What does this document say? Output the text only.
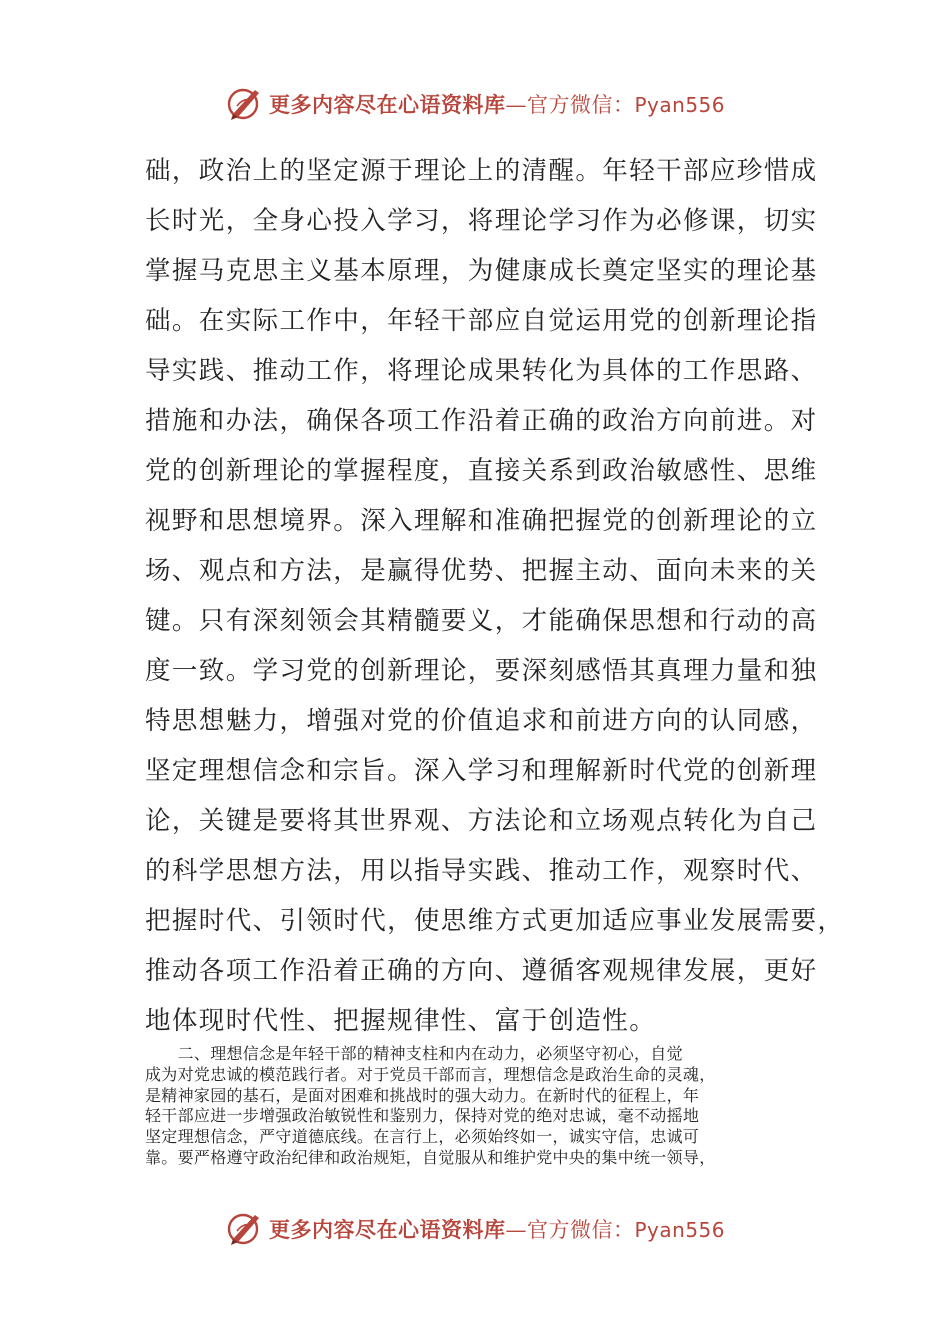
更多内容尽在心语资料库—官方微信：Pyan556
础，政治上的坚定源于理论上的清醒。年轻干部应珍惜成
长时光，全身心投入学习，将理论学习作为必修课，切实
掌握马克思主义基本原理，为健康成长奠定坚实的理论基
础。在实际工作中，年轻干部应自觉运用党的创新理论指
导实践、推动工作，将理论成果转化为具体的工作思路、
措施和办法，确保各项工作沿着正确的政治方向前进。对
党的创新理论的掌握程度，直接关系到政治敏感性、思维
视野和思想境界。深入理解和准确把握党的创新理论的立
场、观点和方法，是赢得优势、把握主动、面向未来的关
键。只有深刻领会其精髓要义，才能确保思想和行动的高
度一致。学习党的创新理论，要深刻感悟其真理力量和独
特思想魅力，增强对党的价值追求和前进方向的认同感，
坚定理想信念和宗旨。深入学习和理解新时代党的创新理
论，关键是要将其世界观、方法论和立场观点转化为自己
的科学思想方法，用以指导实践、推动工作，观察时代、
把握时代、引领时代，使思维方式更加适应事业发展需要，
推动各项工作沿着正确的方向、遵循客观规律发展，更好
地体现时代性、把握规律性、富于创造性。
　　二、理想信念是年轻干部的精神支柱和内在动力，必须坚守初心，自觉
成为对党忠诚的模范践行者。对于党员干部而言，理想信念是政治生命的灵魂，
是精神家园的基石，是面对困难和挑战时的强大动力。在新时代的征程上，年
轻干部应进一步增强政治敏锐性和鉴别力，保持对党的绝对忠诚，毫不动摇地
坚定理想信念，严守道德底线。在言行上，必须始终如一，诚实守信，忠诚可
靠。要严格遵守政治纪律和政治规矩，自觉服从和维护党中央的集中统一领导，
更多内容尽在心语资料库—官方微信：Pyan556
